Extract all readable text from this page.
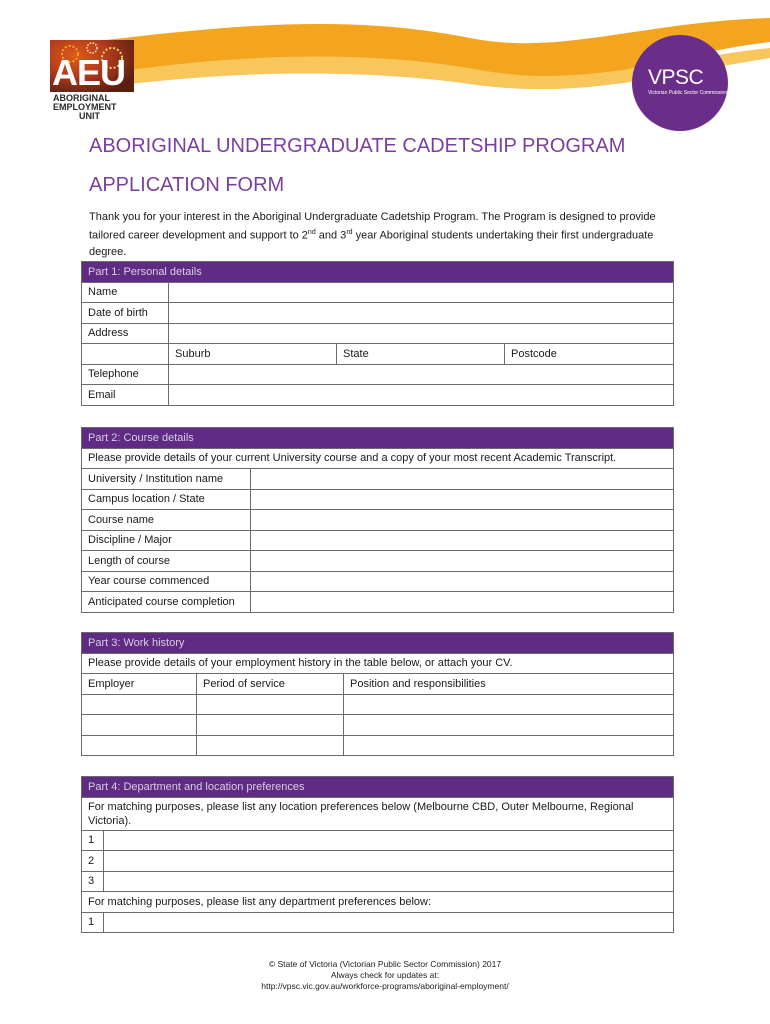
AEU
ABORIGINAL
EMPLOYMENT
UNIT
VPSC
Victorian Public Sector Commission
ABORIGINAL UNDERGRADUATE CADETSHIP PROGRAM
APPLICATION FORM
Thank you for your interest in the Aboriginal Undergraduate Cadetship Program. The Program is designed to provide tailored career development and support to 2nd and 3rd year Aboriginal students undertaking their first undergraduate degree.
Part 1: Personal details			
Name			
Date of birth			
Address			
	Suburb	State	Postcode
Telephone			
Email			
Part 2: Course details	
Please provide details of your current University course and a copy of your most recent Academic Transcript.	
University / Institution name	
Campus location / State	
Course name	
Discipline / Major	
Length of course	
Year course commenced	
Anticipated course completion	
Part 3: Work history		
Please provide details of your employment history in the table below, or attach your CV.		
Employer	Period of service	Position and responsibilities

Part 4: Department and location preferences	
For matching purposes, please list any location preferences below (Melbourne CBD, Outer Melbourne, Regional Victoria).	
1	
2	
3	
For matching purposes, please list any department preferences below:	
1	
© State of Victoria (Victorian Public Sector Commission) 2017
Always check for updates at:
http://vpsc.vic.gov.au/workforce-programs/aboriginal-employment/
